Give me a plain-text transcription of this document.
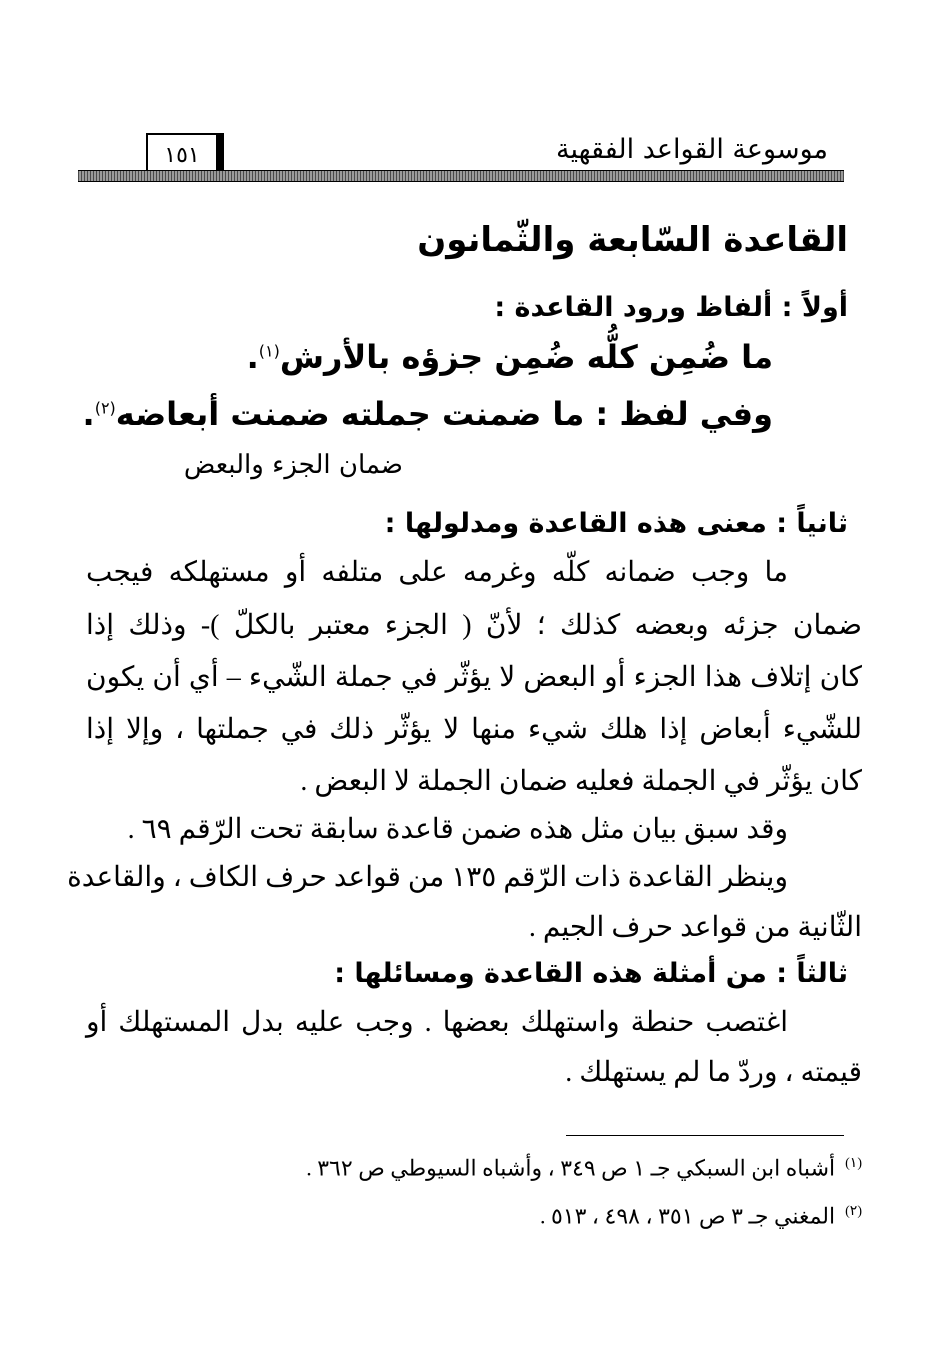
موسوعة القواعد الفقهية
١٥١
القاعدة السّابعة والثّمانون
أولاً : ألفاظ ورود القاعدة :
ما ضُمِن كلُّه ضُمِن جزؤه بالأرش$^{(١)}$.
وفي لفظ : ما ضمنت جملته ضمنت أبعاضه$^{(٢)}$.
ضمان الجزء والبعض
ثانياً : معنى هذه القاعدة ومدلولها :

ما وجب ضمانه كلّه وغرمه على متلفه أو مستهلكه فيجب

ضمان جزئه وبعضه كذلك ؛ لأنّ ( الجزء معتبر بالكلّ )- وذلك إذا

كان إتلاف هذا الجزء أو البعض لا يؤثّر في جملة الشّيء – أي أن يكون

للشّيء أبعاض إذا هلك شيء منها لا يؤثّر ذلك في جملتها ، وإلا إذا

كان يؤثّر في الجملة فعليه ضمان الجملة لا البعض .

وقد سبق بيان مثل هذه ضمن قاعدة سابقة تحت الرّقم ٦٩ .

وينظر القاعدة ذات الرّقم ١٣٥ من قواعد حرف الكاف ، والقاعدة

الثّانية من قواعد حرف الجيم .

ثالثاً : من أمثلة هذه القاعدة ومسائلها :

اغتصب حنطة واستهلك بعضها . وجب عليه بدل المستهلك أو

قيمته ، وردّ ما لم يستهلك .

$^{(١)}$أشباه ابن السبكي جـ ١ ص ٣٤٩ ، وأشباه السيوطي ص ٣٦٢ .
$^{(٢)}$المغني جـ ٣ ص ٣٥١ ، ٤٩٨ ، ٥١٣ .
